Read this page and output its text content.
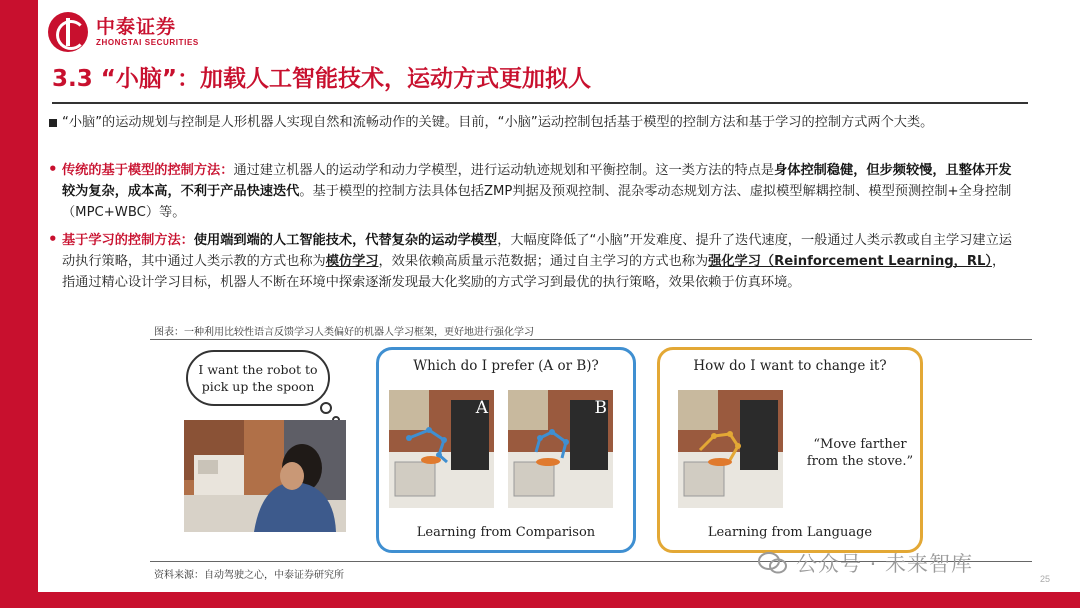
中泰证券
ZHONGTAI SECURITIES
3.3 “小脑”：加载人工智能技术，运动方式更加拟人
“小脑”的运动规划与控制是人形机器人实现自然和流畅动作的关键。目前，“小脑”运动控制包括基于模型的控制方法和基于学习的控制方式两个大类。
• 传统的基于模型的控制方法：通过建立机器人的运动学和动力学模型，进行运动轨迹规划和平衡控制。这一类方法的特点是身体控制稳健，但步频较慢，且整体开发较为复杂，成本高，不利于产品快速迭代。基于模型的控制方法具体包括ZMP判据及预观控制、混杂零动态规划方法、虚拟模型解耦控制、模型预测控制+全身控制（MPC+WBC）等。
• 基于学习的控制方法：使用端到端的人工智能技术，代替复杂的运动学模型，大幅度降低了“小脑”开发难度、提升了迭代速度，一般通过人类示教或自主学习建立运动执行策略，其中通过人类示教的方式也称为模仿学习，效果依赖高质量示范数据；通过自主学习的方式也称为强化学习（Reinforcement Learning，RL），指通过精心设计学习目标，机器人不断在环境中探索逐渐发现最大化奖励的方式学习到最优的执行策略，效果依赖于仿真环境。
图表：一种利用比较性语言反馈学习人类偏好的机器人学习框架，更好地进行强化学习
I want the robot to
pick up the spoon
Which do I prefer (A or B)?
A	B
Learning from Comparison
How do I want to change it?
“Move farther
from the stove.”
Learning from Language
资料来源：自动驾驶之心，中泰证券研究所	公众号 · 未来智库
25
